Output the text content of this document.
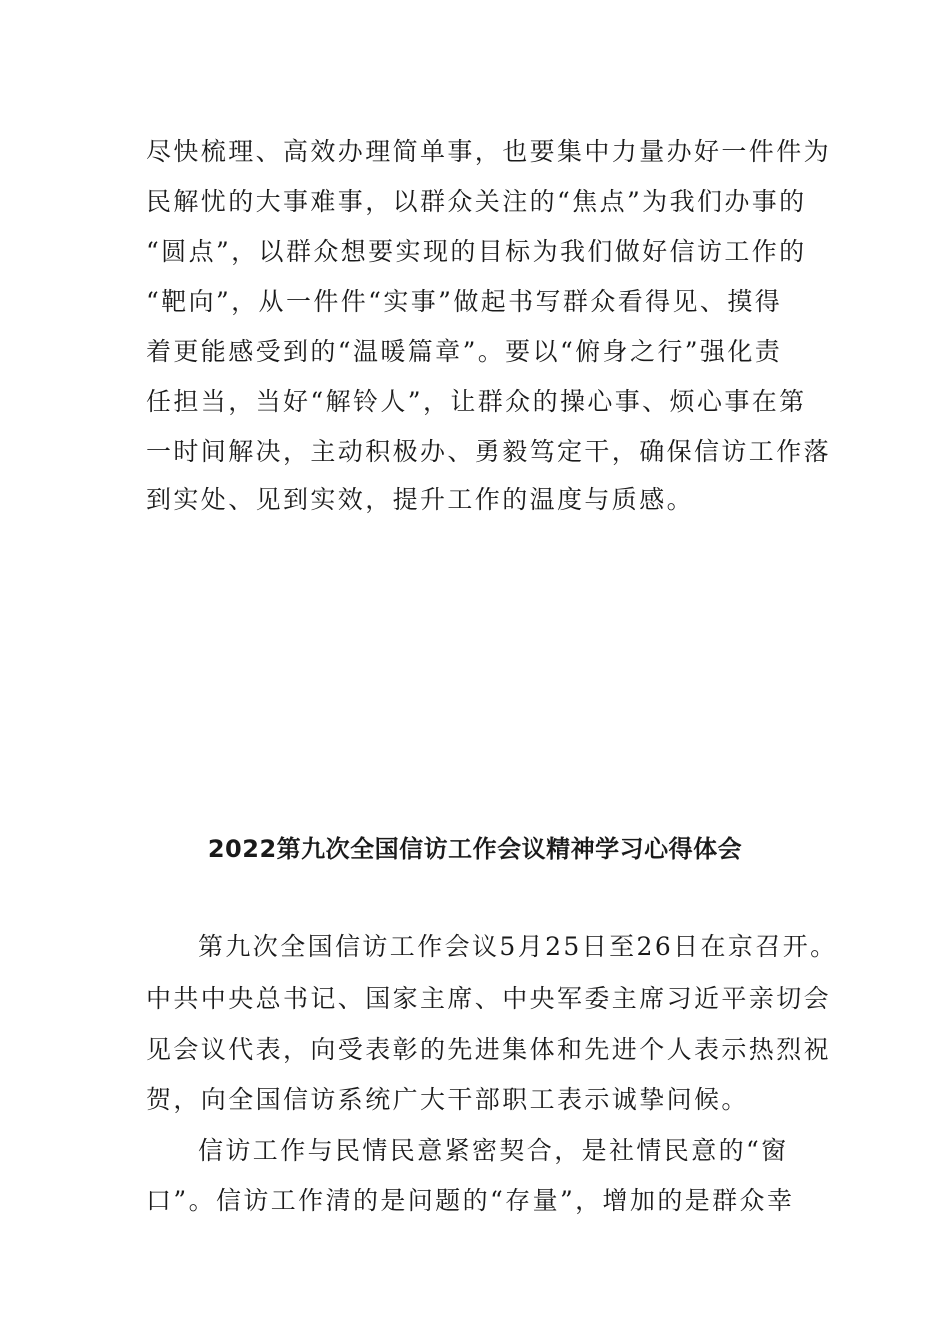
尽快梳理、高效办理简单事，也要集中力量办好一件件为
民解忧的大事难事，以群众关注的“焦点”为我们办事的
“圆点”，以群众想要实现的目标为我们做好信访工作的
“靶向”，从一件件“实事”做起书写群众看得见、摸得
着更能感受到的“温暖篇章”。要以“俯身之行”强化责
任担当，当好“解铃人”，让群众的操心事、烦心事在第
一时间解决，主动积极办、勇毅笃定干，确保信访工作落
到实处、见到实效，提升工作的温度与质感。
2022第九次全国信访工作会议精神学习心得体会
第九次全国信访工作会议5月25日至26日在京召开。
中共中央总书记、国家主席、中央军委主席习近平亲切会
见会议代表，向受表彰的先进集体和先进个人表示热烈祝
贺，向全国信访系统广大干部职工表示诚挚问候。
信访工作与民情民意紧密契合，是社情民意的“窗
口”。信访工作清的是问题的“存量”，增加的是群众幸
